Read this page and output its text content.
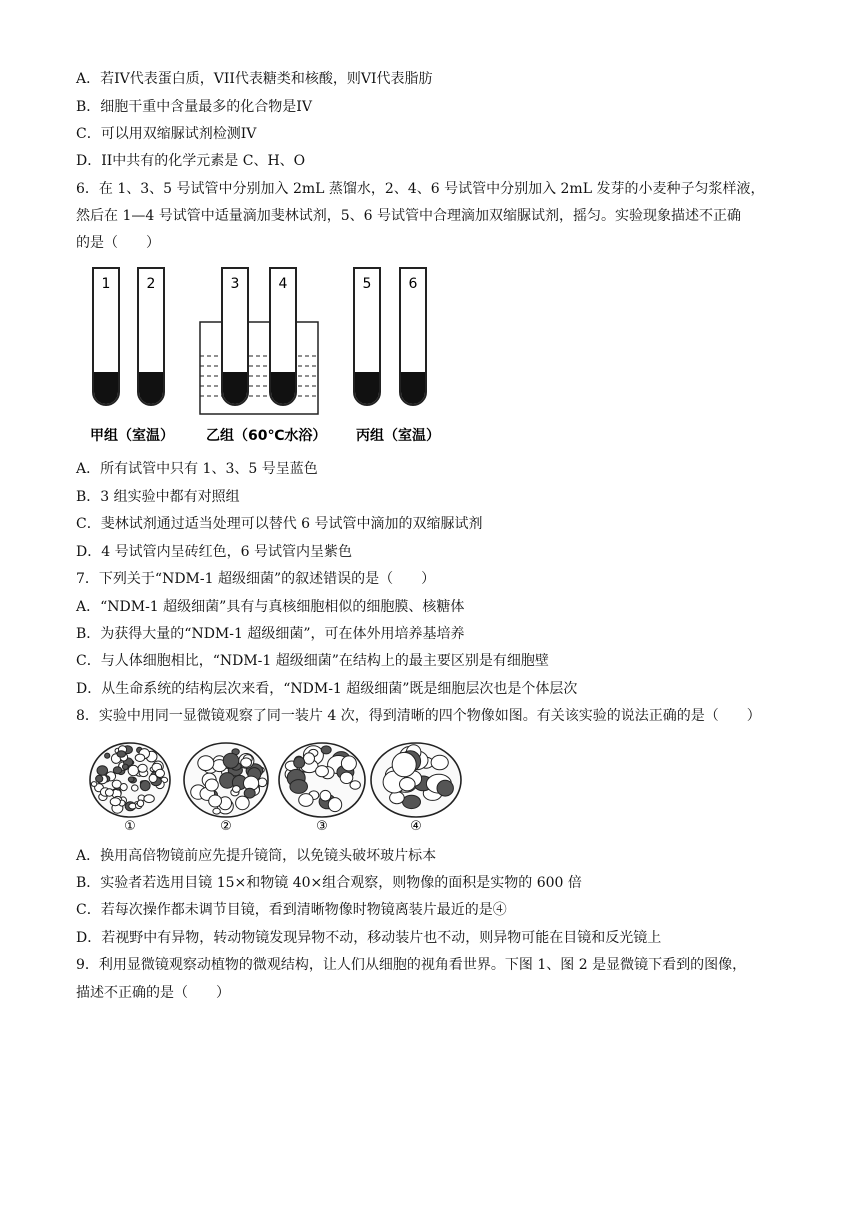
A．若IV代表蛋白质，VII代表糖类和核酸，则VI代表脂肪
B．细胞干重中含量最多的化合物是IV
C．可以用双缩脲试剂检测IV
D．II中共有的化学元素是 C、H、O
6．在 1、3、5 号试管中分别加入 2mL 蒸馏水，2、4、6 号试管中分别加入 2mL 发芽的小麦种子匀浆样液，
然后在 1—4 号试管中适量滴加斐林试剂，5、6 号试管中合理滴加双缩脲试剂，摇匀。实验现象描述不正确
的是（　　）
1	2	3	4	5	6
甲组（室温） 乙组（60℃水浴） 丙组（室温）
A．所有试管中只有 1、3、5 号呈蓝色
B．3 组实验中都有对照组
C．斐林试剂通过适当处理可以替代 6 号试管中滴加的双缩脲试剂
D．4 号试管内呈砖红色，6 号试管内呈紫色
7．下列关于“NDM-1 超级细菌”的叙述错误的是（　　）
A．“NDM-1 超级细菌”具有与真核细胞相似的细胞膜、核糖体
B．为获得大量的“NDM-1 超级细菌”，可在体外用培养基培养
C．与人体细胞相比，“NDM-1 超级细菌”在结构上的最主要区别是有细胞壁
D．从生命系统的结构层次来看，“NDM-1 超级细菌”既是细胞层次也是个体层次
8．实验中用同一显微镜观察了同一装片 4 次，得到清晰的四个物像如图。有关该实验的说法正确的是（　　）
①	②	③	④
A．换用高倍物镜前应先提升镜筒，以免镜头破坏玻片标本
B．实验者若选用目镜 15×和物镜 40×组合观察，则物像的面积是实物的 600 倍
C．若每次操作都未调节目镜，看到清晰物像时物镜离装片最近的是④
D．若视野中有异物，转动物镜发现异物不动，移动装片也不动，则异物可能在目镜和反光镜上
9．利用显微镜观察动植物的微观结构，让人们从细胞的视角看世界。下图 1、图 2 是显微镜下看到的图像，
描述不正确的是（　　）
